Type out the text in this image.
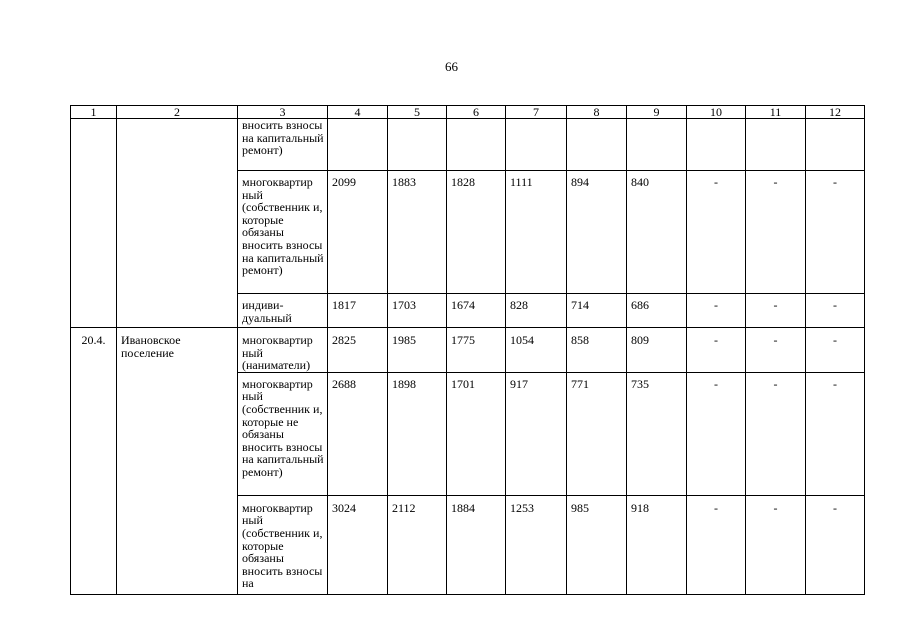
66
1	2	3	4	5	6	7	8	9	10	11	12
		вносить взносы на капитальный ремонт)									
		многоквартир ный (собственник и, которые обязаны вносить взносы на капитальный ремонт)	2099	1883	1828	1111	894	840	-	-	-
		индиви- дуальный	1817	1703	1674	828	714	686	-	-	-
20.4.	Ивановское поселение	многоквартир ный (наниматели)	2825	1985	1775	1054	858	809	-	-	-
		многоквартир ный (собственник и, которые не обязаны вносить взносы на капитальный ремонт)	2688	1898	1701	917	771	735	-	-	-
		многоквартир ный (собственник и, которые обязаны вносить взносы на	3024	2112	1884	1253	985	918	-	-	-
